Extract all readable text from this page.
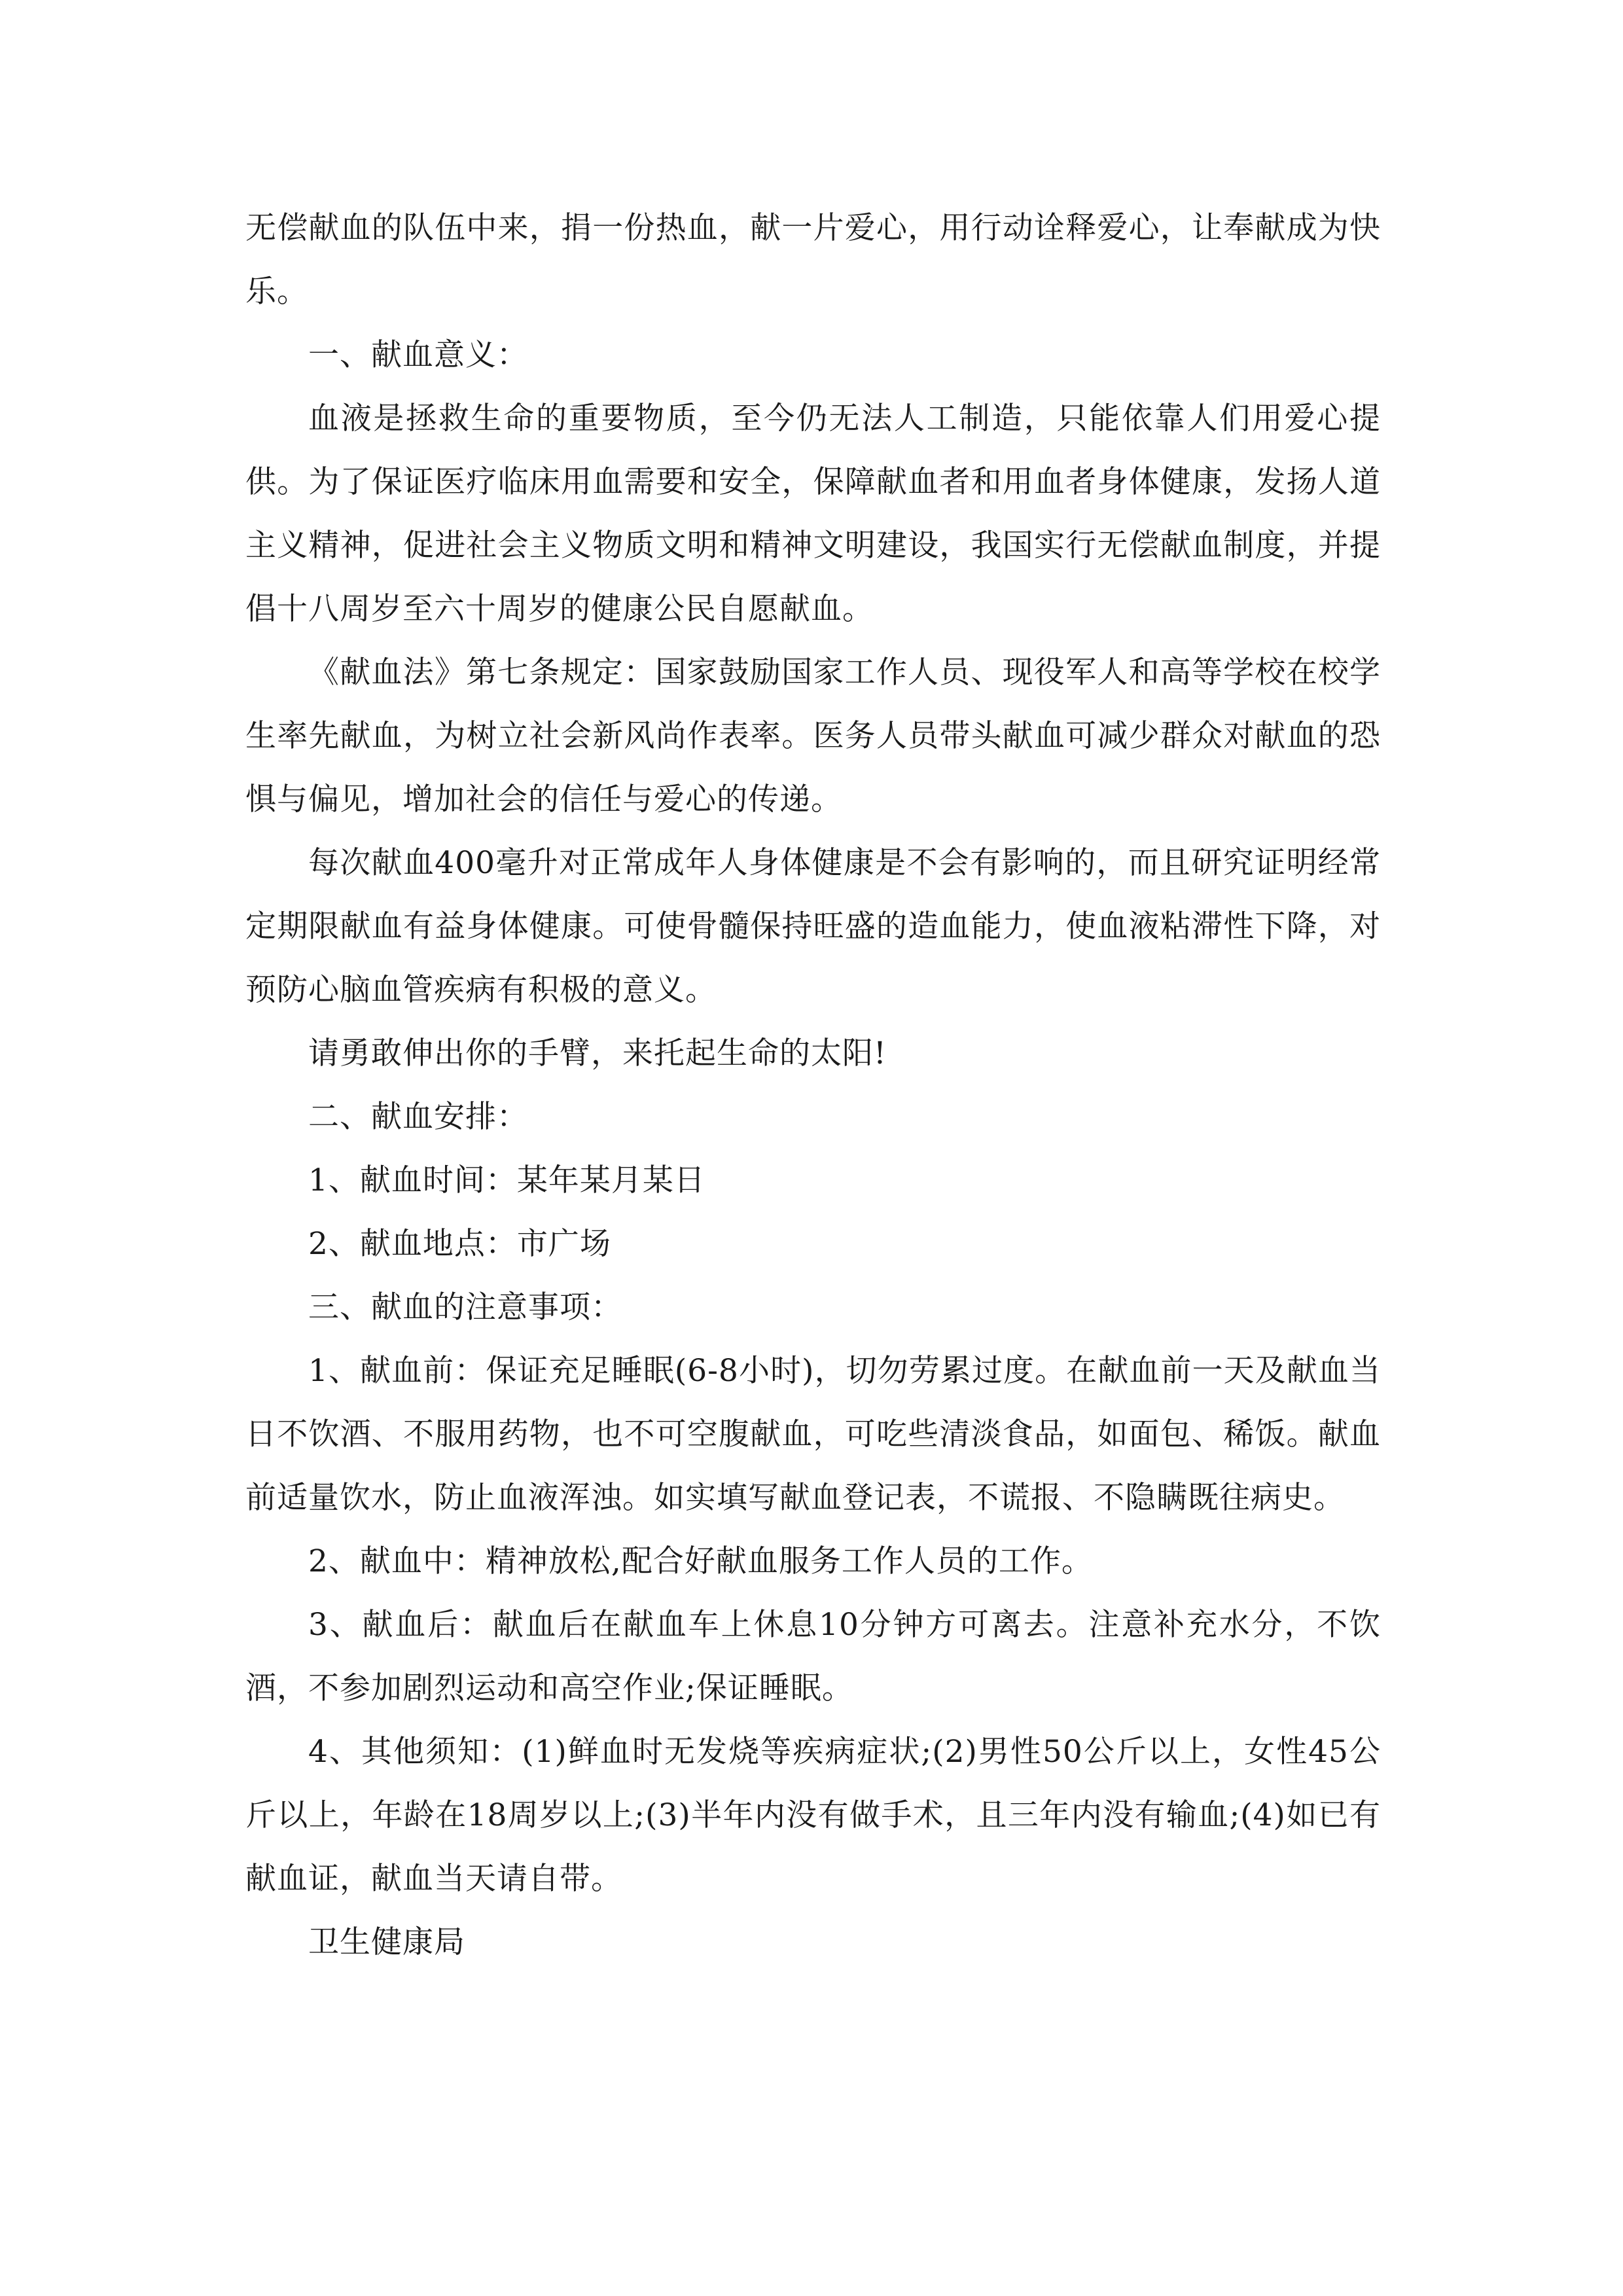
无偿献血的队伍中来，捐一份热血，献一片爱心，用行动诠释爱心，让奉献成为快乐。

一、献血意义：

血液是拯救生命的重要物质，至今仍无法人工制造，只能依靠人们用爱心提供。为了保证医疗临床用血需要和安全，保障献血者和用血者身体健康，发扬人道主义精神，促进社会主义物质文明和精神文明建设，我国实行无偿献血制度，并提倡十八周岁至六十周岁的健康公民自愿献血。

《献血法》第七条规定：国家鼓励国家工作人员、现役军人和高等学校在校学生率先献血，为树立社会新风尚作表率。医务人员带头献血可减少群众对献血的恐惧与偏见，增加社会的信任与爱心的传递。

每次献血400毫升对正常成年人身体健康是不会有影响的，而且研究证明经常定期限献血有益身体健康。可使骨髓保持旺盛的造血能力，使血液粘滞性下降，对预防心脑血管疾病有积极的意义。

请勇敢伸出你的手臂，来托起生命的太阳!

二、献血安排：

1、献血时间：某年某月某日

2、献血地点：市广场

三、献血的注意事项：

1、献血前：保证充足睡眠(6-8小时)，切勿劳累过度。在献血前一天及献血当日不饮酒、不服用药物，也不可空腹献血，可吃些清淡食品，如面包、稀饭。献血前适量饮水，防止血液浑浊。如实填写献血登记表，不谎报、不隐瞒既往病史。

2、献血中：精神放松,配合好献血服务工作人员的工作。

3、献血后：献血后在献血车上休息10分钟方可离去。注意补充水分，不饮酒，不参加剧烈运动和高空作业;保证睡眠。

4、其他须知：(1)鲜血时无发烧等疾病症状;(2)男性50公斤以上，女性45公斤以上，年龄在18周岁以上;(3)半年内没有做手术，且三年内没有输血;(4)如已有献血证，献血当天请自带。

卫生健康局
